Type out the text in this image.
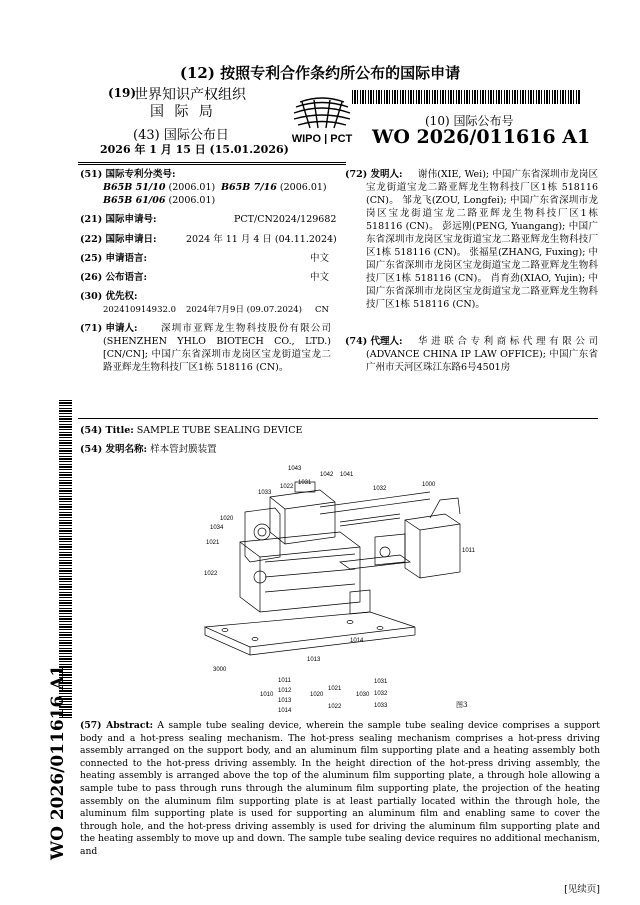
(12) 按照专利合作条约所公布的国际申请
(19)
世界知识产权组织
国 际 局
(43) 国际公布日
2026 年 1 月 15 日 (15.01.2026)
WIPO | PCT
(10) 国际公布号
WO 2026/011616 A1
(51) 国际专利分类号:
B65B 51/10 (2006.01) B65B 7/16 (2006.01)
B65B 61/06 (2006.01)
(21) 国际申请号:	PCT/CN2024/129682
(22) 国际申请日:	2024 年 11 月 4 日 (04.11.2024)
(25) 申请语言:	中文
(26) 公布语言:	中文
(30) 优先权:
202410914932.0 2024年7月9日 (09.07.2024) CN
(71) 申请人:	深圳市亚辉龙生物科技股份有限公司(SHENZHEN YHLO BIOTECH CO., LTD.) [CN/CN]; 中国广东省深圳市龙岗区宝龙街道宝龙二路亚辉龙生物科技厂区1栋 518116 (CN)。
(72) 发明人:	谢伟(XIE, Wei); 中国广东省深圳市龙岗区宝龙街道宝龙二路亚辉龙生物科技厂区1栋 518116 (CN)。 邹龙飞(ZOU, Longfei); 中国广东省深圳市龙岗区宝龙街道宝龙二路亚辉龙生物科技厂区1栋 518116 (CN)。 彭远刚(PENG, Yuangang); 中国广东省深圳市龙岗区宝龙街道宝龙二路亚辉龙生物科技厂区1栋 518116 (CN)。 张福星(ZHANG, Fuxing); 中国广东省深圳市龙岗区宝龙街道宝龙二路亚辉龙生物科技厂区1栋 518116 (CN)。 肖育劲(XIAO, Yujin); 中国广东省深圳市龙岗区宝龙街道宝龙二路亚辉龙生物科技厂区1栋 518116 (CN)。
(74) 代理人:	华进联合专利商标代理有限公司 (ADVANCE CHINA IP LAW OFFICE); 中国广东省广州市天河区珠江东路6号4501房
WO 2026/011616 A1
(54) Title: SAMPLE TUBE SEALING DEVICE
(54) 发明名称: 样本管封膜装置
1043
1042 1041
1031
1022
1033
1032
1000
1020
1034
1021
1022
1011
1014
1013
3000
1010
1011
1012
1013
1014
1020
1021
1022
1030
1031
1032
1033	图3
(57) Abstract: A sample tube sealing device, wherein the sample tube sealing device comprises a support body and a hot-press sealing mechanism. The hot-press sealing mechanism comprises a hot-press driving assembly arranged on the support body, and an aluminum film supporting plate and a heating assembly both connected to the hot-press driving assembly. In the height direction of the hot-press driving assembly, the heating assembly is arranged above the top of the aluminum film supporting plate, a through hole allowing a sample tube to pass through runs through the aluminum film supporting plate, the projection of the heating assembly on the aluminum film supporting plate is at least partially located within the through hole, the aluminum film supporting plate is used for supporting an aluminum film and enabling same to cover the through hole, and the hot-press driving assembly is used for driving the aluminum film supporting plate and the heating assembly to move up and down. The sample tube sealing device requires no additional mechanism, and
[见续页]
